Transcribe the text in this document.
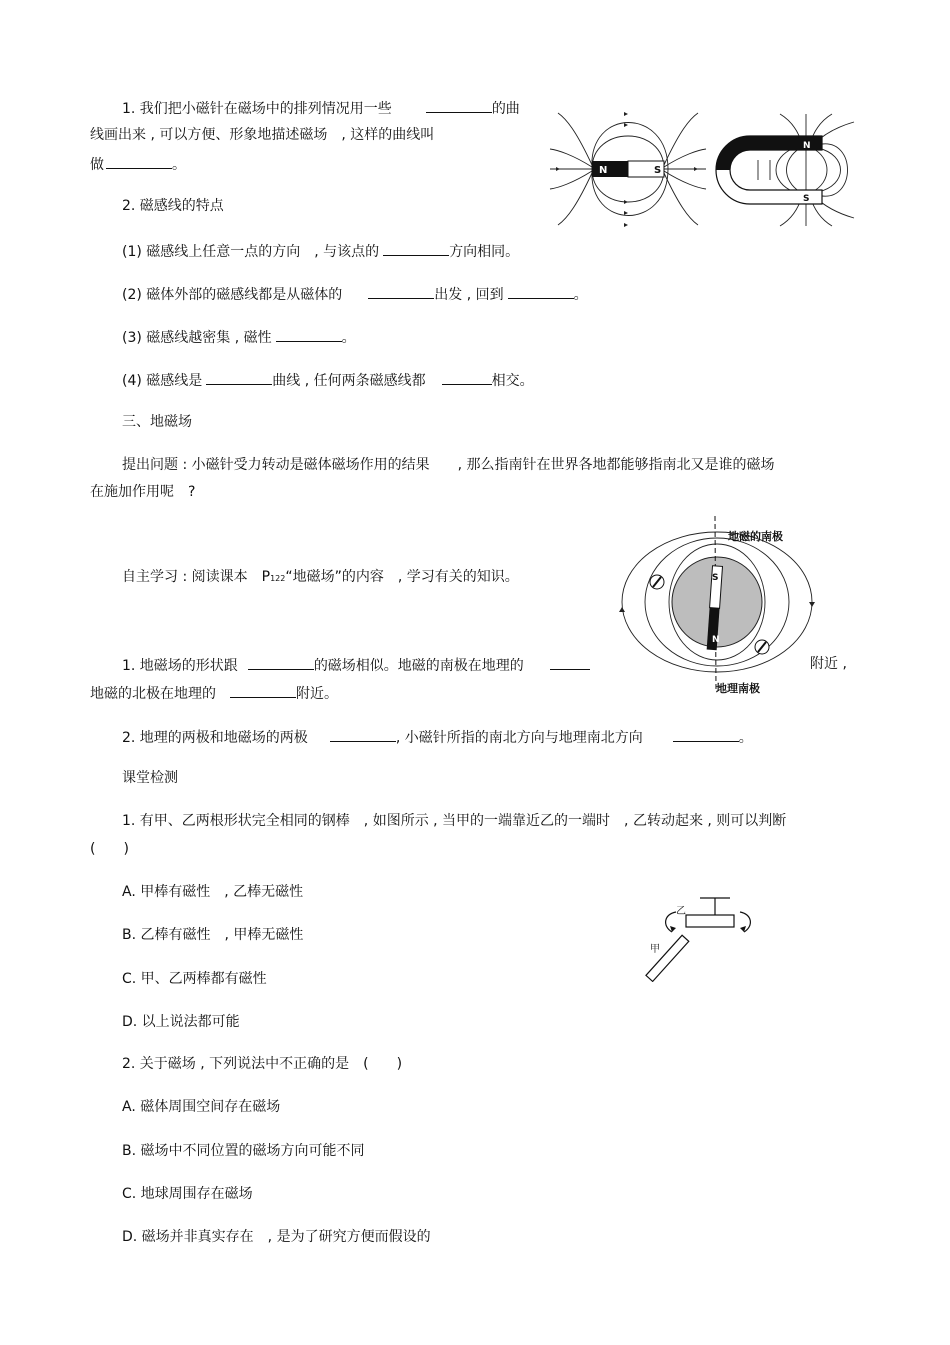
1. 我们把小磁针在磁场中的排列情况用一些	的曲
线画出来 , 可以方便、形象地描述磁场　, 这样的曲线叫
做	。
2. 磁感线的特点
(1) 磁感线上任意一点的方向　, 与该点的	方向相同。
(2) 磁体外部的磁感线都是从磁体的	出发 , 回到	。
(3) 磁感线越密集 , 磁性	。
(4) 磁感线是	曲线 , 任何两条磁感线都	相交。
三、地磁场
提出问题 : 小磁针受力转动是磁体磁场作用的结果　　, 那么指南针在世界各地都能够指南北又是谁的磁场
在施加作用呢　?
自主学习 : 阅读课本　P122“地磁场”的内容　, 学习有关的知识。
1. 地磁场的形状跟	的磁场相似。地磁的南极在地理的	附近 ,
地磁的北极在地理的	附近。
2. 地理的两极和地磁场的两极	, 小磁针所指的南北方向与地理南北方向	。
课堂检测
1. 有甲、乙两根形状完全相同的钢棒　, 如图所示 , 当甲的一端靠近乙的一端时　, 乙转动起来 , 则可以判断
(　　)
A. 甲棒有磁性　, 乙棒无磁性
B. 乙棒有磁性　, 甲棒无磁性
C. 甲、乙两棒都有磁性
D. 以上说法都可能
2. 关于磁场 , 下列说法中不正确的是　(　　)
A. 磁体周围空间存在磁场
B. 磁场中不同位置的磁场方向可能不同
C. 地球周围存在磁场
D. 磁场并非真实存在　, 是为了研究方便而假设的
N	S
N
S
S
N
地磁的南极
地理南极
乙
甲
